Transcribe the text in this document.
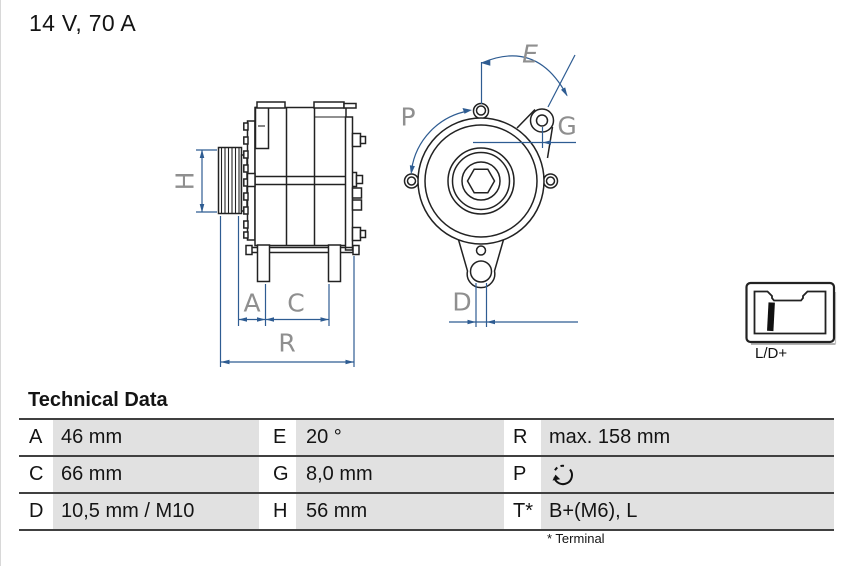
14 V, 70 A
H
A C
R
P
E
G
D
L/D+
Technical Data
A 46 mm	E 20 °	R	max. 158 mm
C 66 mm	G 8,0 mm	P
D 10,5 mm / M10	H 56 mm	T* B+(M6), L
* Terminal
